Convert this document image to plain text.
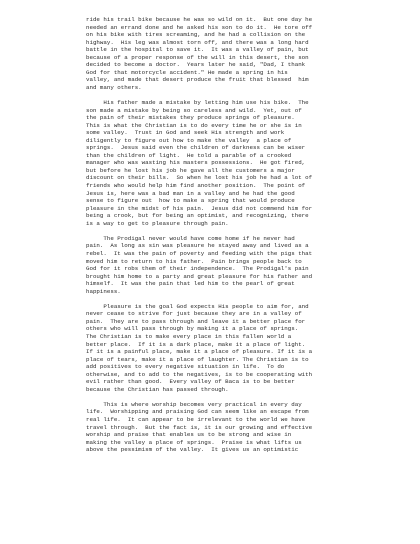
ride his trail bike because he was so wild on it.  But one day he
needed an errand done and he asked his son to do it.  He tore off
on his bike with tires screaming, and he had a collision on the
highway.  His leg was almost torn off, and there was a long hard
battle in the hospital to save it.  It was a valley of pain, but
because of a proper response of the will in this desert, the son
decided to become a doctor.  Years later he said, "Dad, I thank
God for that motorcycle accident." He made a spring in his
valley, and made that desert produce the fruit that blessed  him
and many others.
His father made a mistake by letting him use his bike.  The
son made a mistake by being so careless and wild.  Yet, out of
the pain of their mistakes they produce springs of pleasure.
This is what the Christian is to do every time he or she is in
some valley.  Trust in God and seek His strength and work
diligently to figure out how to make the valley  a place of
springs.  Jesus said even the children of darkness can be wiser
than the children of light.  He told a parable of a crooked
manager who was wasting his masters possessions.  He got fired,
but before he lost his job he gave all the customers a major
discount on their bills.  So when he lost his job he had a lot of
friends who would help him find another position.  The point of
Jesus is, here was a bad man in a valley and he had the good
sense to figure out  how to make a spring that would produce
pleasure in the midst of his pain.  Jesus did not commend him for
being a crook, but for being an optimist, and recognizing, there
is a way to get to pleasure through pain.
The Prodigal never would have come home if he never had
pain.  As long as sin was pleasure he stayed away and lived as a
rebel.  It was the pain of poverty and feeding with the pigs that
moved him to return to his father.  Pain brings people back to
God for it robs them of their independence.  The Prodigal's pain
brought him home to a party and great pleasure for his father and
himself.  It was the pain that led him to the pearl of great
happiness.
Pleasure is the goal God expects His people to aim for, and
never cease to strive for just because they are in a valley of
pain.  They are to pass through and leave it a better place for
others who will pass through by making it a place of springs.
The Christian is to make every place in this fallen world a
better place.  If it is a dark place, make it a place of light.
If it is a painful place, make it a place of pleasure. If it is a
place of tears, make it a place of laughter. The Christian is to
add positives to every negative situation in life.  To do
otherwise, and to add to the negatives, is to be cooperating with
evil rather than good.  Every valley of Baca is to be better
because the Christian has passed through.
This is where worship becomes very practical in every day
life.  Worshipping and praising God can seem like an escape from
real life.  It can appear to be irrelevant to the world we have
travel through.  But the fact is, it is our growing and effective
worship and praise that enables us to be strong and wise in
making the valley a place of springs.  Praise is what lifts us
above the pessimism of the valley.  It gives us an optimistic
